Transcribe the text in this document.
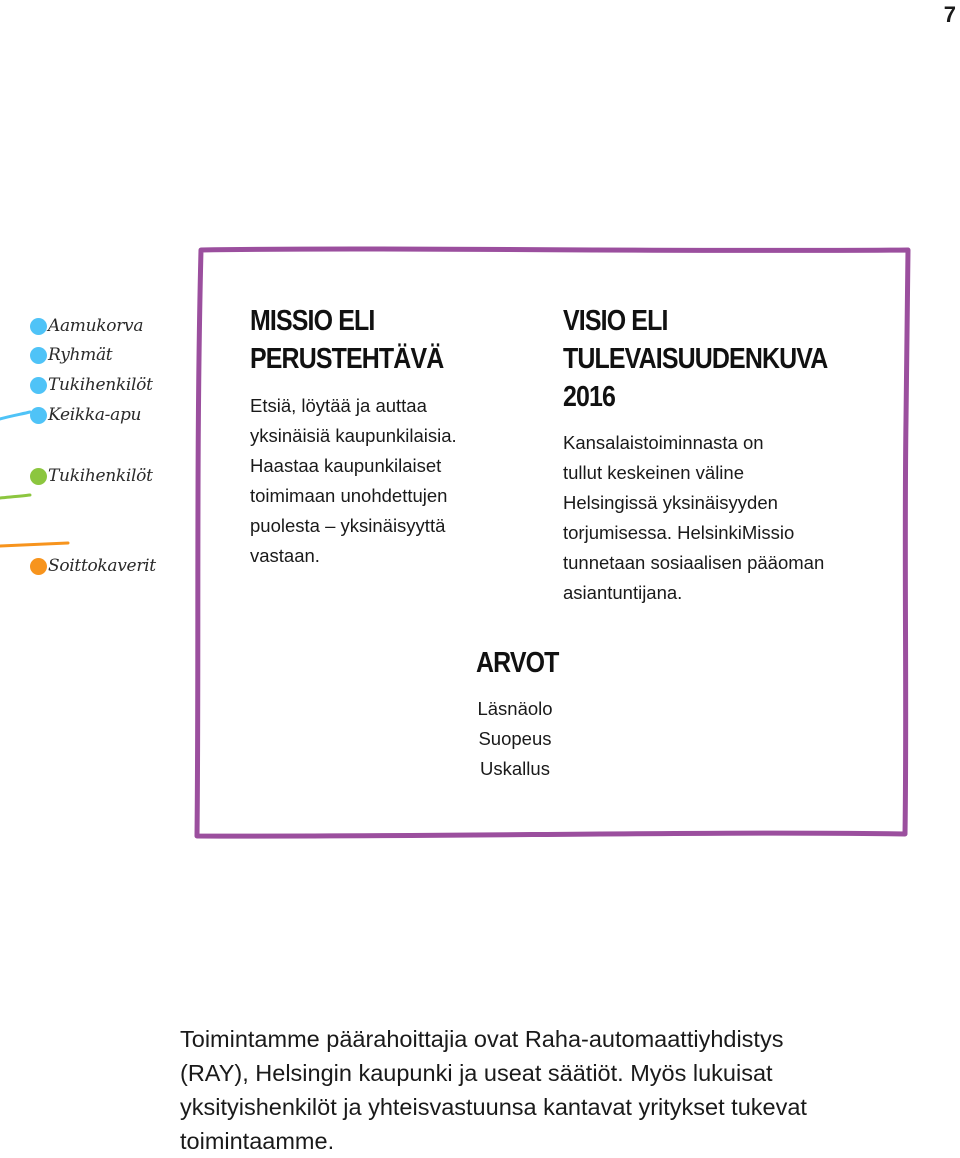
7
Aamukorva
Ryhmät
Tukihenkilöt
Keikka-apu
Tukihenkilöt
Soittokaverit
MISSIO ELI
PERUSTEHTÄVÄ
Etsiä, löytää ja auttaa
yksinäisiä kaupunkilaisia.
Haastaa kaupunkilaiset
toimimaan unohdettujen
puolesta – yksinäisyyttä
vastaan.
VISIO ELI
TULEVAISUUDENKUVA
2016
Kansalaistoiminnasta on
tullut keskeinen väline
Helsingissä yksinäisyyden
torjumisessa. HelsinkiMissio
tunnetaan sosiaalisen pääoman
asiantuntijana.
ARVOT
Läsnäolo
Suopeus
Uskallus
Toimintamme päärahoittajia ovat Raha-automaattiyhdistys
(RAY), Helsingin kaupunki ja useat säätiöt. Myös lukuisat
yksityishenkilöt ja yhteisvastuunsa kantavat yritykset tukevat
toimintaamme.
